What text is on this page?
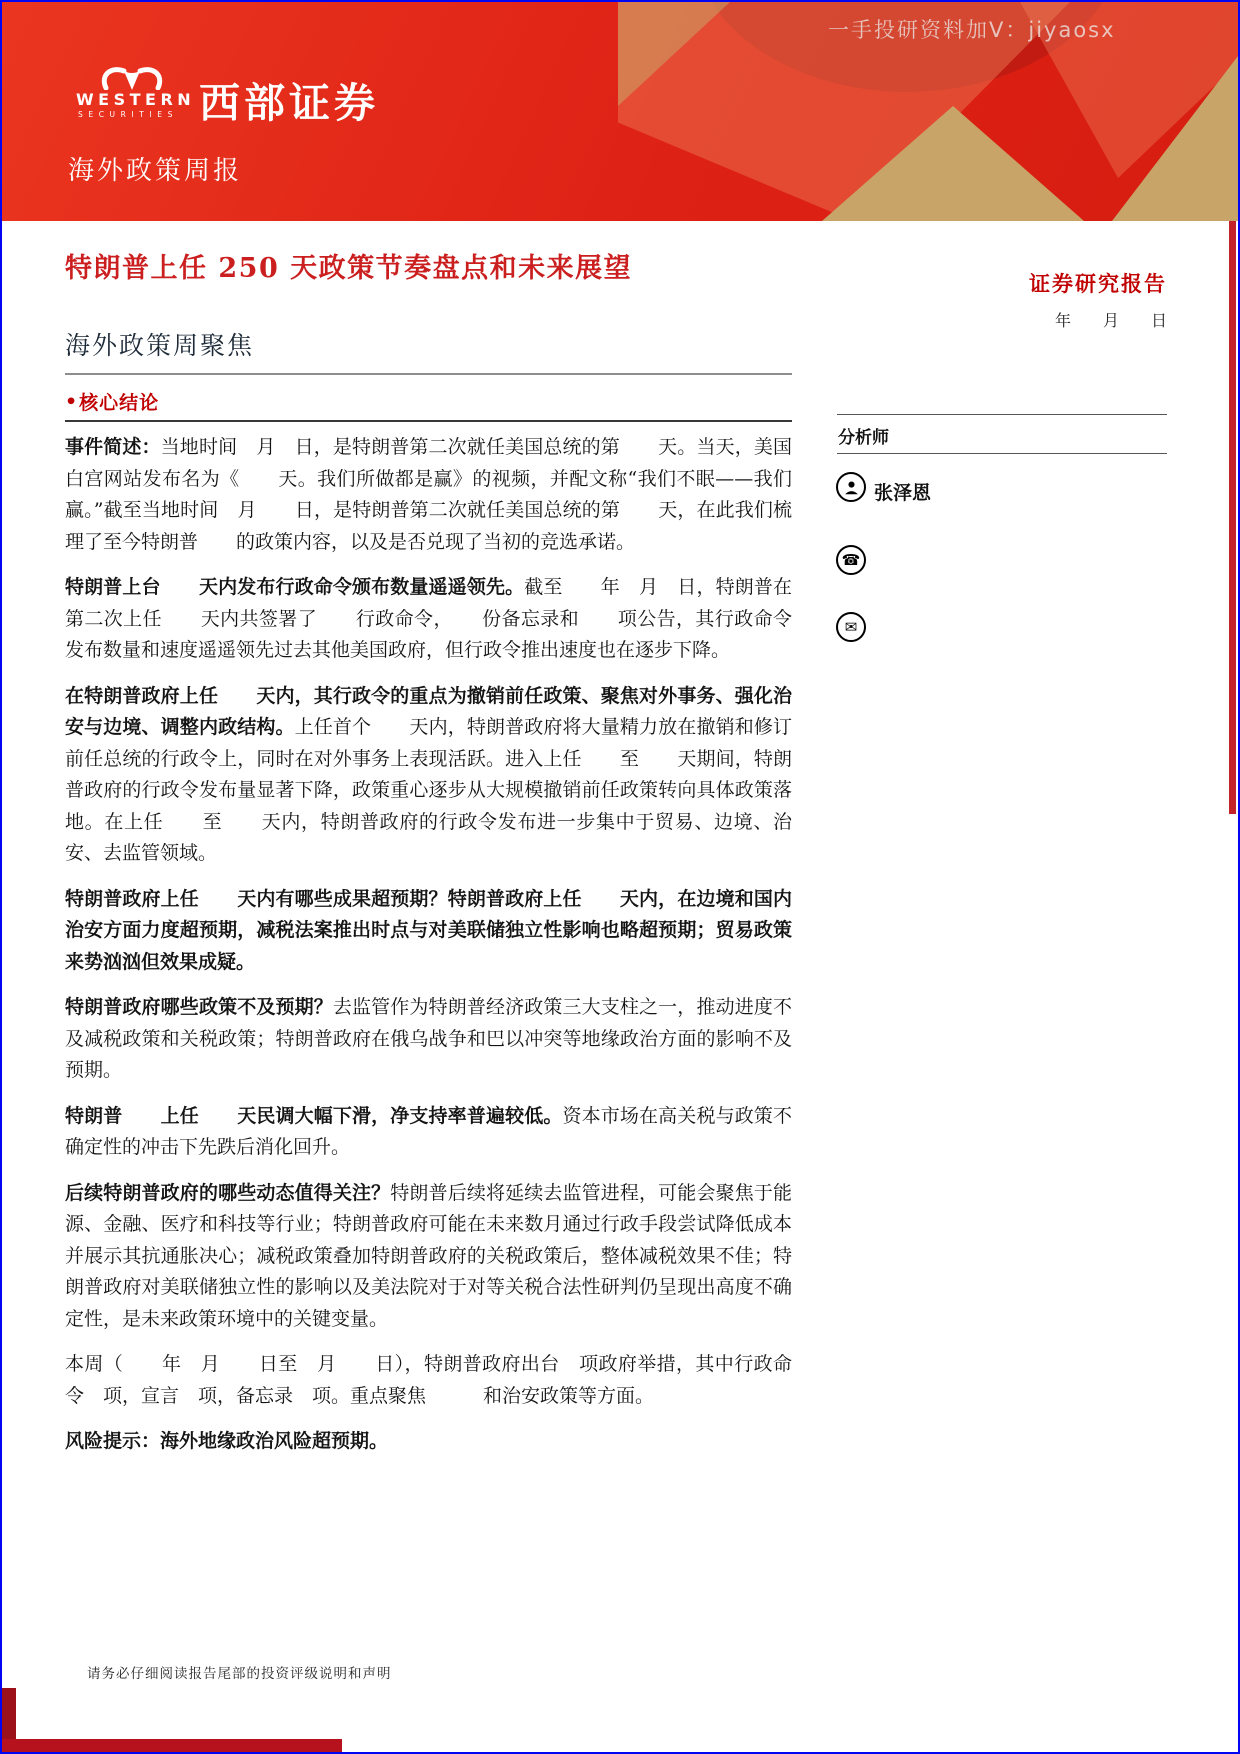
一手投研资料加V：jiyaosx
WESTERN
SECURITIES 西部证券
海外政策周报
特朗普上任 250 天政策节奏盘点和未来展望
海外政策周聚焦
• 核心结论

事件简述：当地时间　月　日，是特朗普第二次就任美国总统的第　　天。当天，美国白宫网站发布名为《　　天。我们所做都是赢》的视频，并配文称“我们不眠——我们赢。”截至当地时间　月　　日，是特朗普第二次就任美国总统的第　　天，在此我们梳理了至今特朗普　　的政策内容，以及是否兑现了当初的竞选承诺。

特朗普上台　　天内发布行政命令颁布数量遥遥领先。截至　　年　月　日，特朗普在第二次上任　　天内共签署了　　行政命令，　　份备忘录和　　项公告，其行政命令发布数量和速度遥遥领先过去其他美国政府，但行政令推出速度也在逐步下降。

在特朗普政府上任　　天内，其行政令的重点为撤销前任政策、聚焦对外事务、强化治安与边境、调整内政结构。上任首个　　天内，特朗普政府将大量精力放在撤销和修订前任总统的行政令上，同时在对外事务上表现活跃。进入上任　　至　　天期间，特朗普政府的行政令发布量显著下降，政策重心逐步从大规模撤销前任政策转向具体政策落地。在上任　　至　　天内，特朗普政府的行政令发布进一步集中于贸易、边境、治安、去监管领域。

特朗普政府上任　　天内有哪些成果超预期？特朗普政府上任　　天内，在边境和国内治安方面力度超预期，减税法案推出时点与对美联储独立性影响也略超预期；贸易政策来势汹汹但效果成疑。

特朗普政府哪些政策不及预期？去监管作为特朗普经济政策三大支柱之一，推动进度不及减税政策和关税政策；特朗普政府在俄乌战争和巴以冲突等地缘政治方面的影响不及预期。

特朗普　　上任　　天民调大幅下滑，净支持率普遍较低。资本市场在高关税与政策不确定性的冲击下先跌后消化回升。

后续特朗普政府的哪些动态值得关注？特朗普后续将延续去监管进程，可能会聚焦于能源、金融、医疗和科技等行业；特朗普政府可能在未来数月通过行政手段尝试降低成本并展示其抗通胀决心；减税政策叠加特朗普政府的关税政策后，整体减税效果不佳；特朗普政府对美联储独立性的影响以及美法院对于对等关税合法性研判仍呈现出高度不确定性，是未来政策环境中的关键变量。

本周（　　年　月　　日至　月　　日），特朗普政府出台　项政府举措，其中行政命令　项，宣言　项，备忘录　项。重点聚焦　　　和治安政策等方面。

风险提示：海外地缘政治风险超预期。

证券研究报告
年　　月　　日
分析师
张泽恩
☎
✉
请务必仔细阅读报告尾部的投资评级说明和声明
